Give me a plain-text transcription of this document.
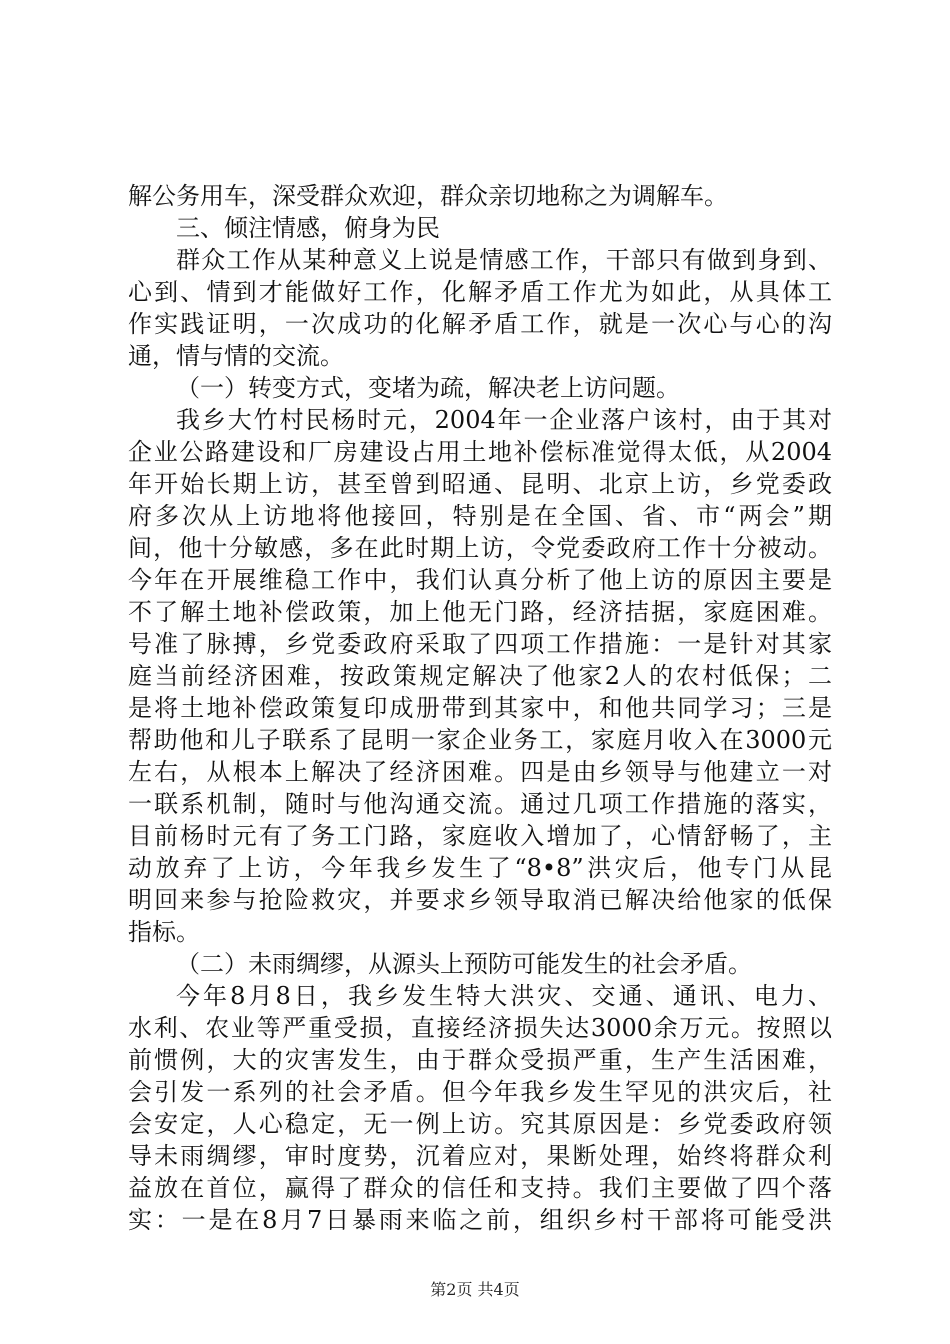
解公务用车，深受群众欢迎，群众亲切地称之为调解车。
三、倾注情感，俯身为民
群众工作从某种意义上说是情感工作，干部只有做到身到、
心到、情到才能做好工作，化解矛盾工作尤为如此，从具体工
作实践证明，一次成功的化解矛盾工作，就是一次心与心的沟
通，情与情的交流。
（一）转变方式，变堵为疏，解决老上访问题。
我乡大竹村民杨时元，2004年一企业落户该村，由于其对
企业公路建设和厂房建设占用土地补偿标准觉得太低，从2004
年开始长期上访，甚至曾到昭通、昆明、北京上访，乡党委政
府多次从上访地将他接回，特别是在全国、省、市“两会”期
间，他十分敏感，多在此时期上访，令党委政府工作十分被动。
今年在开展维稳工作中，我们认真分析了他上访的原因主要是
不了解土地补偿政策，加上他无门路，经济拮据，家庭困难。
号准了脉搏，乡党委政府采取了四项工作措施：一是针对其家
庭当前经济困难，按政策规定解决了他家2人的农村低保；二
是将土地补偿政策复印成册带到其家中，和他共同学习；三是
帮助他和儿子联系了昆明一家企业务工，家庭月收入在3000元
左右，从根本上解决了经济困难。四是由乡领导与他建立一对
一联系机制，随时与他沟通交流。通过几项工作措施的落实，
目前杨时元有了务工门路，家庭收入增加了，心情舒畅了，主
动放弃了上访，今年我乡发生了“8•8”洪灾后，他专门从昆
明回来参与抢险救灾，并要求乡领导取消已解决给他家的低保
指标。
（二）未雨绸缪，从源头上预防可能发生的社会矛盾。
今年8月8日，我乡发生特大洪灾、交通、通讯、电力、
水利、农业等严重受损，直接经济损失达3000余万元。按照以
前惯例，大的灾害发生，由于群众受损严重，生产生活困难，
会引发一系列的社会矛盾。但今年我乡发生罕见的洪灾后，社
会安定，人心稳定，无一例上访。究其原因是：乡党委政府领
导未雨绸缪，审时度势，沉着应对，果断处理，始终将群众利
益放在首位，赢得了群众的信任和支持。我们主要做了四个落
实：一是在8月7日暴雨来临之前，组织乡村干部将可能受洪
第2页 共4页
